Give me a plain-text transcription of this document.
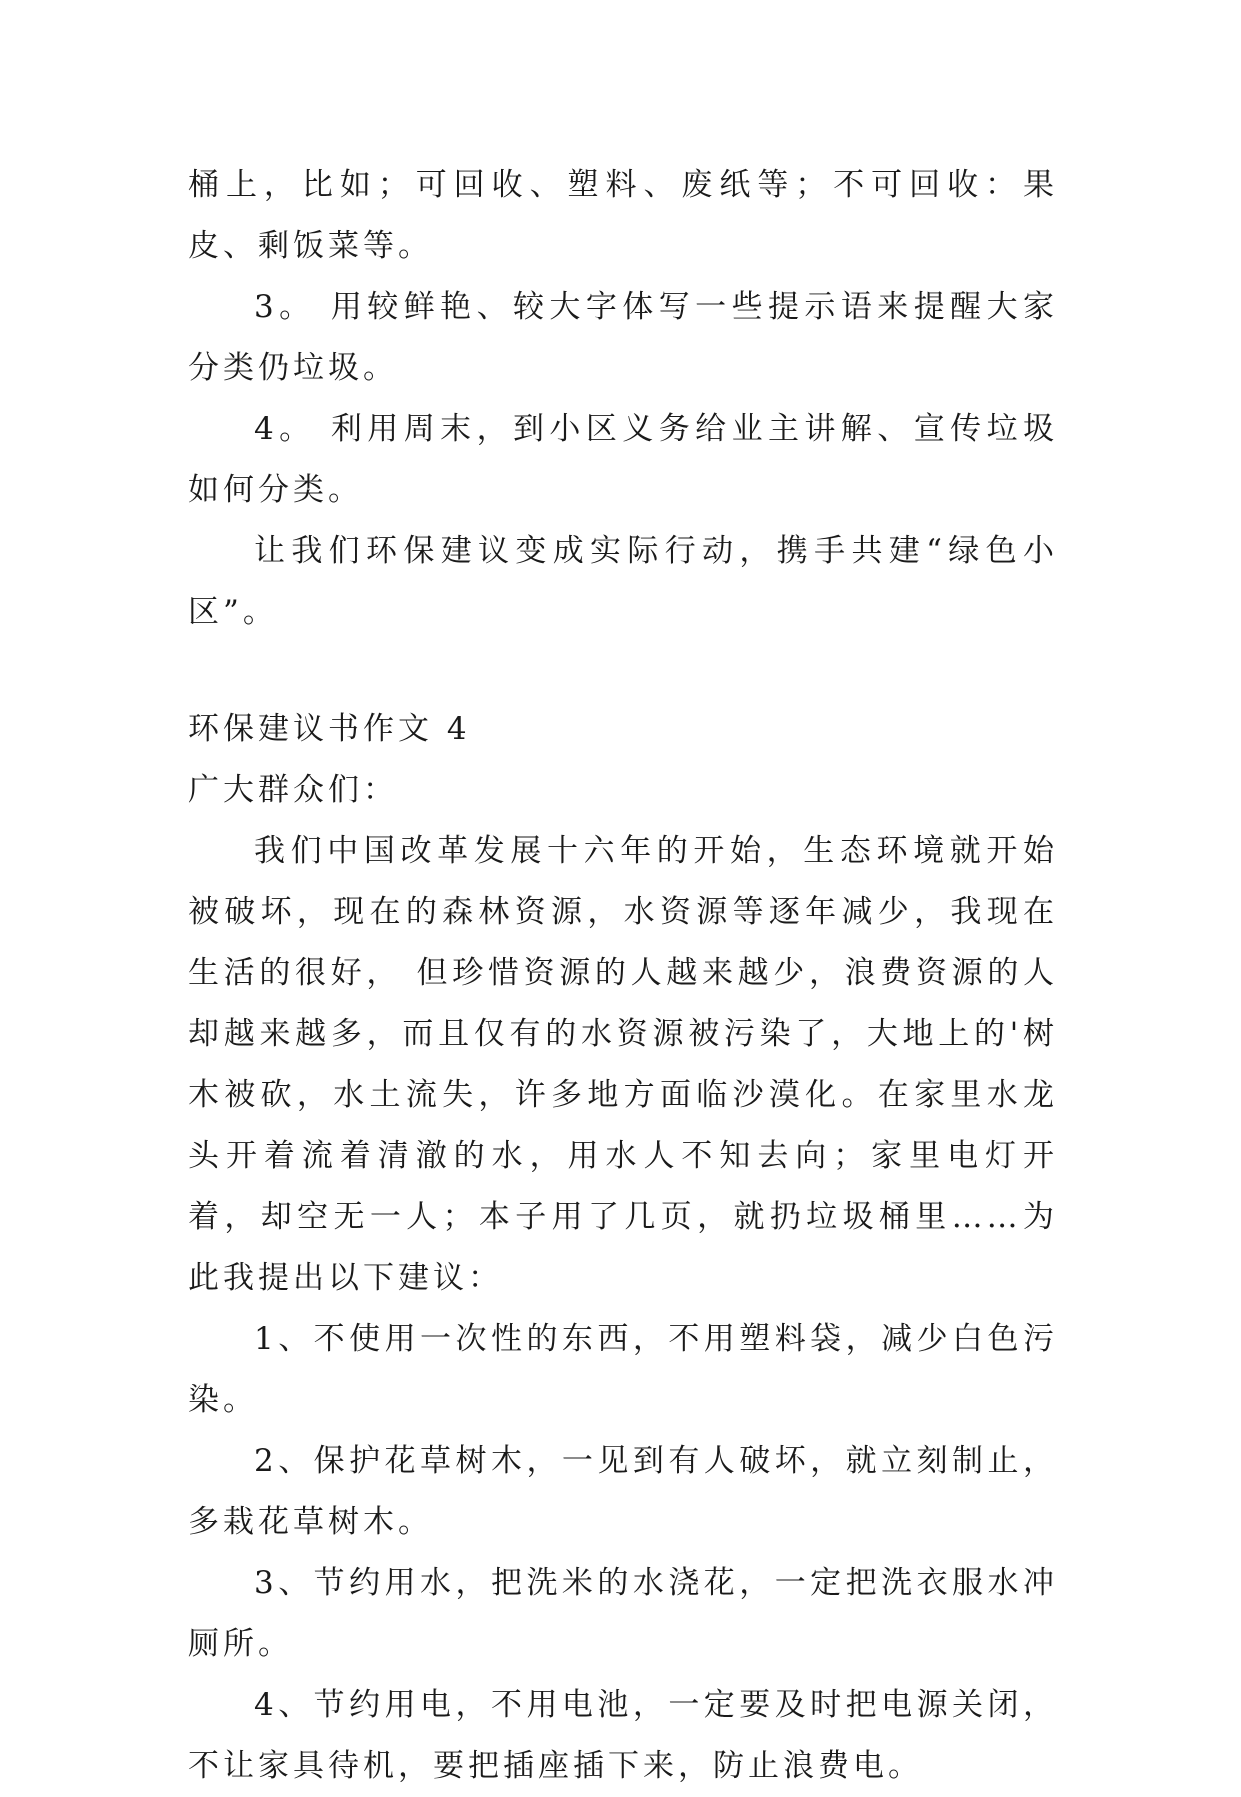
桶上，比如；可回收、塑料、废纸等；不可回收：果皮、剩饭菜等。

3。 用较鲜艳、较大字体写一些提示语来提醒大家分类仍垃圾。

4。 利用周末，到小区义务给业主讲解、宣传垃圾如何分类。

让我们环保建议变成实际行动，携手共建“绿色小区”。

环保建议书作文 4

广大群众们：

我们中国改革发展十六年的开始，生态环境就开始被破坏，现在的森林资源，水资源等逐年减少，我现在生活的很好， 但珍惜资源的人越来越少，浪费资源的人却越来越多，而且仅有的水资源被污染了，大地上的'树木被砍，水土流失，许多地方面临沙漠化。在家里水龙头开着流着清澈的水，用水人不知去向；家里电灯开着，却空无一人；本子用了几页，就扔垃圾桶里……为此我提出以下建议：

1、不使用一次性的东西，不用塑料袋，减少白色污染。

2、保护花草树木，一见到有人破坏，就立刻制止，多栽花草树木。

3、节约用水，把洗米的水浇花，一定把洗衣服水冲厕所。

4、节约用电，不用电池，一定要及时把电源关闭，不让家具待机，要把插座插下来，防止浪费电。
